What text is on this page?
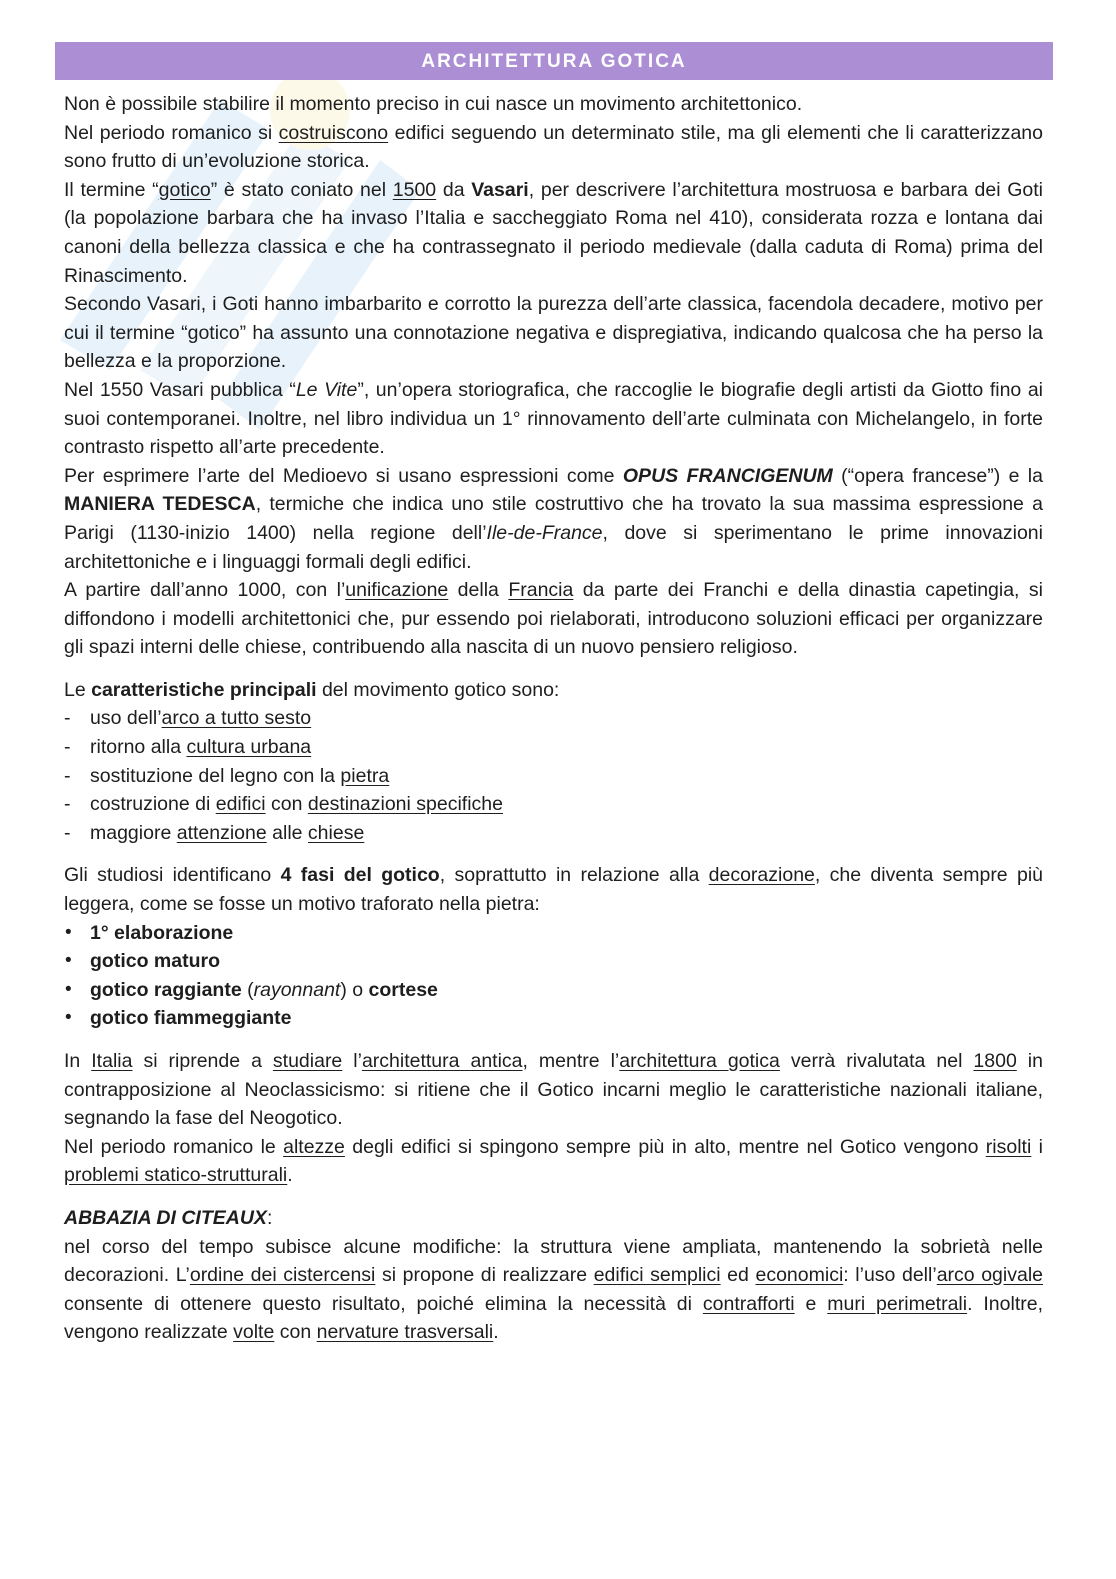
ARCHITETTURA GOTICA

Non è possibile stabilire il momento preciso in cui nasce un movimento architettonico.

Nel periodo romanico si costruiscono edifici seguendo un determinato stile, ma gli elementi che li caratterizzano sono frutto di un’evoluzione storica.

Il termine “gotico” è stato coniato nel 1500 da Vasari, per descrivere l’architettura mostruosa e barbara dei Goti (la popolazione barbara che ha invaso l’Italia e saccheggiato Roma nel 410), considerata rozza e lontana dai canoni della bellezza classica e che ha contrassegnato il periodo medievale (dalla caduta di Roma) prima del Rinascimento.

Secondo Vasari, i Goti hanno imbarbarito e corrotto la purezza dell’arte classica, facendola decadere, motivo per cui il termine “gotico” ha assunto una connotazione negativa e dispregiativa, indicando qualcosa che ha perso la bellezza e la proporzione.

Nel 1550 Vasari pubblica “Le Vite”, un’opera storiografica, che raccoglie le biografie degli artisti da Giotto fino ai suoi contemporanei. Inoltre, nel libro individua un 1° rinnovamento dell’arte culminata con Michelangelo, in forte contrasto rispetto all’arte precedente.

Per esprimere l’arte del Medioevo si usano espressioni come OPUS FRANCIGENUM (“opera francese”) e la MANIERA TEDESCA, termiche che indica uno stile costruttivo che ha trovato la sua massima espressione a Parigi (1130-inizio 1400) nella regione dell’Ile-de-France, dove si sperimentano le prime innovazioni architettoniche e i linguaggi formali degli edifici.

A partire dall’anno 1000, con l’unificazione della Francia da parte dei Franchi e della dinastia capetingia, si diffondono i modelli architettonici che, pur essendo poi rielaborati, introducono soluzioni efficaci per organizzare gli spazi interni delle chiese, contribuendo alla nascita di un nuovo pensiero religioso.

Le caratteristiche principali del movimento gotico sono:

- uso dell’arco a tutto sesto
- ritorno alla cultura urbana
- sostituzione del legno con la pietra
- costruzione di edifici con destinazioni specifiche
- maggiore attenzione alle chiese

Gli studiosi identificano 4 fasi del gotico, soprattutto in relazione alla decorazione, che diventa sempre più leggera, come se fosse un motivo traforato nella pietra:

• 1° elaborazione
• gotico maturo
• gotico raggiante (rayonnant) o cortese
• gotico fiammeggiante

In Italia si riprende a studiare l’architettura antica, mentre l’architettura gotica verrà rivalutata nel 1800 in contrapposizione al Neoclassicismo: si ritiene che il Gotico incarni meglio le caratteristiche nazionali italiane, segnando la fase del Neogotico.

Nel periodo romanico le altezze degli edifici si spingono sempre più in alto, mentre nel Gotico vengono risolti i problemi statico-strutturali.

ABBAZIA DI CITEAUX:

nel corso del tempo subisce alcune modifiche: la struttura viene ampliata, mantenendo la sobrietà nelle decorazioni. L’ordine dei cistercensi si propone di realizzare edifici semplici ed economici: l’uso dell’arco ogivale consente di ottenere questo risultato, poiché elimina la necessità di contrafforti e muri perimetrali. Inoltre, vengono realizzate volte con nervature trasversali.
